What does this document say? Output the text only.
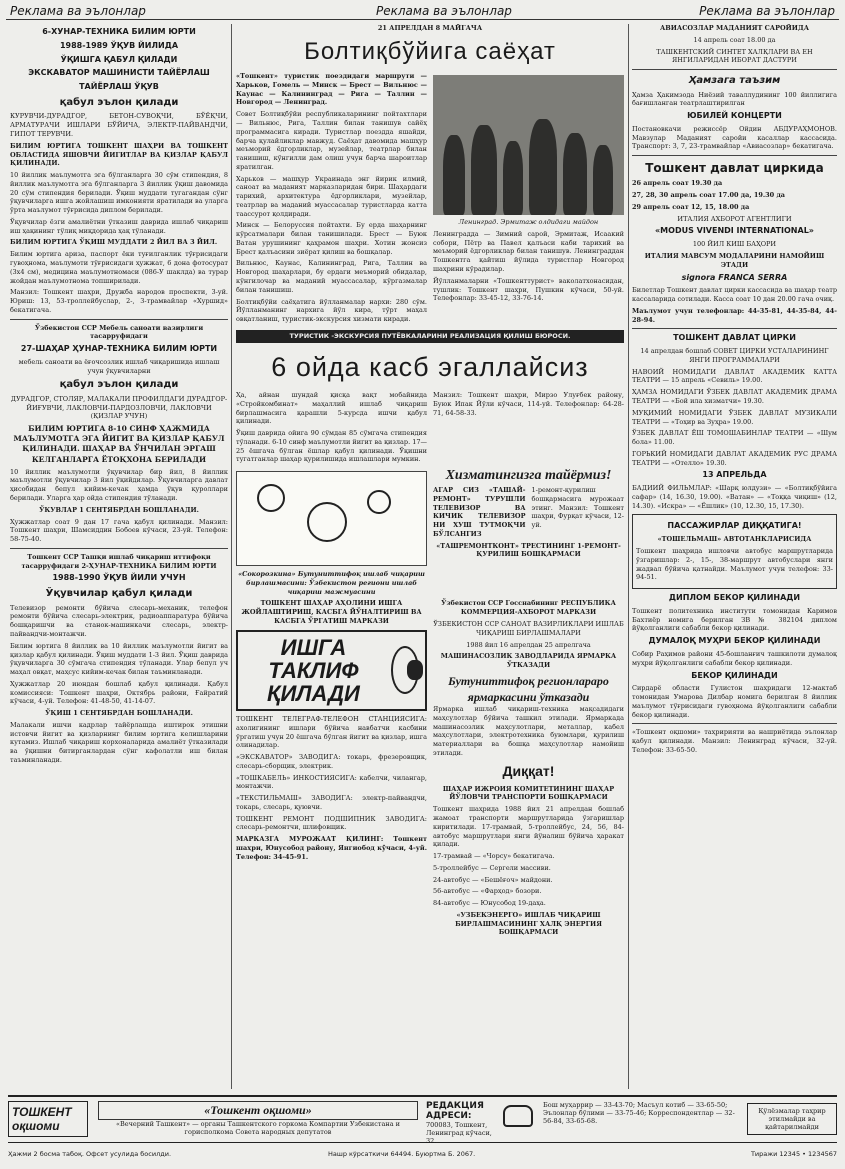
Реклама ва эълонлар	Реклама ва эълонлар	Реклама ва эълонлар
6-ХУНАР-ТЕХНИКА БИЛИМ ЮРТИ
1988-1989 ЎҚУВ ЙИЛИДА
ЎҚИШГА ҚАБУЛ ҚИЛАДИ
ЭКСКАВАТОР МАШИНИСТИ ТАЙЁРЛАШ
ТАЙЁРЛАШ ЎҚУВ
қабул эълон қилади
КУРУВЧИ-ДУРАДГОР, БЕТОН-СУВОҚЧИ, БЎЁҚЧИ, АРМАТУРАЧИ ИШЛАРИ БЎЙИЧА, ЭЛЕКТР-ПАЙВАНДЧИ, ГИПОТ ТЕРУВЧИ.
БИЛИМ ЮРТИГА ТОШКЕНТ ШАҲРИ ВА ТОШКЕНТ ОБЛАСТИДА ЯШОВЧИ ЙИГИТЛАР ВА ҚИЗЛАР ҚАБУЛ ҚИЛИНАДИ.
10 йиллик маълумотга эга бўлганларга 30 сўм стипендия, 8 йиллик маълумотга эга бўлганларга 3 йиллик ўқиш давомида 20 сўм стипендия берилади. Ўқиш муддати тугагандан сўнг ўқувчиларга ишга жойлашиш имконияти яратилади ва уларга ўрта маълумот тўғрисида диплом берилади.
Ўқувчилар ёзги амалиётни ўтказиш даврида ишлаб чиқариш иш ҳақининг тўлиқ миқдорида ҳақ тўланади.
БИЛИМ ЮРТИГА ЎҚИШ МУДДАТИ 2 ЙИЛ ВА 3 ЙИЛ.
Билим юртига ариза, паспорт ёки туғилганлик тўғрисидаги гувоҳнома, маълумоти тўғрисидаги ҳужжат, 6 дона фотосурат (3х4 см), медицина маълумотномаси (086-У шаклда) ва турар жойдан маълумотнома топширилади.
Манзил: Тошкент шаҳри, Дружба народов проспекти, 3-уй. Юриш: 13, 53-троллейбуслар, 2-, 3-трамвайлар «Хуршид» бекатигача.
Ўзбекистон ССР Мебель саноати вазирлиги тасарруфидаги
27-ШАҲАР ҲУНАР-ТЕХНИКА БИЛИМ ЮРТИ
мебель саноати ва ёғочсозлик ишлаб чиқаришида ишлаш учун ўқувчиларни
қабул эълон қилади
ДУРАДГОР, СТОЛЯР, МАЛАКАЛИ ПРОФИЛДАГИ ДУРАДГОР-ЙИҒУВЧИ, ЛАКЛОВЧИ-ПАРДОЗЛОВЧИ, ЛАКЛОВЧИ (ҚИЗЛАР УЧУН)
БИЛИМ ЮРТИГА 8-10 СИНФ ҲАЖМИДА МАЪЛУМОТГА ЭГА ЙИГИТ ВА ҚИЗЛАР ҚАБУЛ ҚИЛИНАДИ. ШАҲАР ВА ЎНЧИЛАН ЭРГАШ КЕЛГАНЛАРГА ЁТОҚХОНА БЕРИЛАДИ
10 йиллик маълумотли ўқувчилар бир йил, 8 йиллик маълумотли ўқувчилар 3 йил ўқийдилар. Ўқувчиларга давлат ҳисобидан бепул кийим-кечак ҳамда ўқув қуроллари берилади. Уларга ҳар ойда стипендия тўланади.
ЎКУВЛАР 1 СЕНТЯБРДАН БОШЛАНАДИ.
Ҳужжатлар соат 9 дан 17 гача қабул қилинади. Манзил: Тошкент шаҳри, Шамсиддин Бобоев кўчаси, 23-уй. Телефон: 58-75-40.
Тошкент ССР Ташқи ишлаб чиқариш иттифоқи тасарруфидаги 2-ҲУНАР-ТЕХНИКА БИЛИМ ЮРТИ
1988-1990 ЎҚУВ ЙИЛИ УЧУН
Ўқувчилар қабул қилади
Телевизор ремонти бўйича слесарь-механик, телефон ремонти бўйича слесарь-электрик, радиоаппаратура бўйича бошқаришчи ва станок-машинкачи слесарь, электр-пайвандчи-монтажчи.
Билим юртига 8 йиллик ва 10 йиллик маълумотли йигит ва қизлар қабул қилинади. Ўқиш муддати 1-3 йил. Ўқиш даврида ўқувчиларга 30 сўмгача стипендия тўланади. Улар бепул уч маҳал овқат, маҳсус кийим-кечак билан таъминланади.
Ҳужжатлар 20 июндан бошлаб қабул қилинади. Қабул комиссияси: Тошкент шаҳри, Октябрь райони, Ғайратий кўчаси, 4-уй. Телефон: 41-48-50, 41-14-07.
ЎҚИШ 1 СЕНТЯБРДАН БОШЛАНАДИ.
Малакали ишчи кадрлар тайёрлашда иштирок этишни истовчи йигит ва қизларнинг билим юртига келишларини кутамиз. Ишлаб чиқариш корхоналарида амалиёт ўтказилади ва ўқишни битирганлардан сўнг кафолатли иш билан таъминланади.
21 АПРЕЛДАН 8 МАЙГАЧА
Болтиқбўйига саёҳат
«Тошкент» туристик поездидаги маршрути — Харьков, Гомель — Минск — Брест — Вильнюс — Каунас — Калининград — Рига — Таллин — Новгород — Ленинград.
Совет Болтиқбўйи республикаларининг пойтахтлари — Вильнюс, Рига, Таллин билан танишув сайёҳ программасига киради. Туристлар поездда яшайди, барча қулайликлар мавжуд. Саёҳат давомида машҳур меъморий ёдгорликлар, музейлар, театрлар билан танишиш, кўнгилли дам олиш учун барча шароитлар яратилган.
Харьков — машҳур Украинада энг йирик илмий, саноат ва маданият марказларидан бири. Шаҳардаги тарихий, архитектура ёдгорликлари, музейлар, театрлар ва маданий муассасалар туристларда катта таассурот қолдиради.
Минск — Белоруссия пойтахти. Бу ерда шаҳарнинг кўрсатмалари билан танишилади. Брест — Буюк Ватан урушининг қаҳрамон шаҳри. Хотин жонсиз Брест қалъасини зиёрат қилиш ва бошқалар.
Вильнюс, Каунас, Калининград, Рига, Таллин ва Новгород шаҳарлари, бу ердаги меъморий обидалар, кўнгилочар ва маданий муассасалар, кўргазмалар билан танишиш.
Болтиқбўйи саёҳатига йўлланмалар нархи: 280 сўм. Йўлланманинг нархига йўл кира, тўрт маҳал овқатланиш, туристик-экскурсия хизмати киради.
Ленинград. Эрмитаж олдидаги майдон
Ленинградда — Зимний сарой, Эрмитаж, Исаакий собори, Пётр ва Павел қалъаси каби тарихий ва меъморий ёдгорликлар билан танишув. Ленинграддан Тошкентга қайтиш йўлида туристлар Новгород шаҳрини кўрадилар.
Йўлланмаларни «Тошкенттурист» ваколатхонасидан, тушлик: Тошкент шаҳри, Пушкин кўчаси, 50-уй. Телефонлар: 33-45-12, 33-76-14.
ТУРИСТИК -ЭКСКУРСИЯ ПУТЁВКАЛАРИНИ РЕАЛИЗАЦИЯ ҚИЛИШ БЮРОСИ.
6 ойда касб эгаллайсиз
Ҳа, айнан шундай қисқа вақт мобайнида «Стройкомбинат» маҳаллий ишлаб чиқариш бирлашмасига қарашли 5-курсда ишчи қабул қилинади.
Ўқиш даврида ойига 90 сўмдан 85 сўмгача стипендия тўланади. 6-10 синф маълумотли йигит ва қизлар. 17—25 ёшгача бўлган ёшлар қабул қилинади. Ўқишни тугатганлар шаҳар қурилишида ишлашлари мумкин.
Манзил: Тошкент шаҳри, Мирзо Улуғбек району, Буюк Ипак Йўли кўчаси, 114-уй. Телефонлар: 64-28-71, 64-58-33.
«Сокорозкина» Бутуниттифоқ ишлаб чиқариш бирлашмасини: Ўзбекистон региони ишлаб чиқариш мажмуасини
Хизматингизга тайёрмиз!
АГАР СИЗ «ТАШАЙ-РЕМОНТ» ТУРУШЛИ ТЕЛЕВИЗОР ВА КИЧИК ТЕЛЕВИЗОР НИ ХУШ ТУТМОҚЧИ БЎЛСАНГИЗ
1-ремонт-қурилиш бошқармасига мурожаат этинг. Манзил: Тошкент шаҳри, Фурқат кўчаси, 12-уй.
«ТАШРЕМОНТКОНТ» ТРЕСТИНИНГ 1-РЕМОНТ-ҚУРИЛИШ БОШҚАРМАСИ
ТОШКЕНТ ШАҲАР АҲОЛИНИ ИШГА ЖОЙЛАШТИРИШ, КАСБГА ЙЎНАЛТИРИШ ВА КАСБГА ЎРГАТИШ МАРКАЗИ
ИШГА ТАКЛИФ ҚИЛАДИ
ТОШКЕНТ ТЕЛЕГРАФ-ТЕЛЕФОН СТАНЦИЯСИГА: ахолигининг ишлари бўйича навбатчи касбини ўргатиш учун 20 ёшгача бўлган йигит ва қизлар, ишга олинадилар.
«ЭКСКАВАТОР» ЗАВОДИГА: токарь, фрезеровщик, слесарь-сборщик, электрик.
«ТОШКАБЕЛЬ» ИНКОСТИЯСИГА: кабелчи, чилангар, монтажчи.
«ТЕКСТИЛЬМАШ» ЗАВОДИГА: электр-пайвандчи, токарь, слесарь, қуювчи.
ТОШКЕНТ РЕМОНТ ПОДШИПНИК ЗАВОДИГА: слесарь-ремонтчи, шлифовщик.
МАРКАЗГА МУРОЖААТ ҚИЛИНГ: Тошкент шаҳри, Юнусобод району, Янгиобод кўчаси, 4-уй. Телефон: 34-45-91.
Ўзбекистон ССР Госснабининг РЕСПУБЛИКА КОММЕРЦИЯ-АХБОРОТ МАРКАЗИ
ЎЗБЕКИСТОН ССР САНОАТ ВАЗИРЛИКЛАРИ ИШЛАБ ЧИҚАРИШ БИРЛАШМАЛАРИ
1988 йил 16 апрелдан 25 апрелгача
МАШИНАСОЗЛИК ЗАВОДЛАРИДА ЯРМАРКА ЎТКАЗАДИ
Бутуниттифоқ регионлараро ярмаркасини ўтказади
Ярмарка ишлаб чиқариш-техника мақсадидаги маҳсулотлар бўйича ташкил этилади. Ярмаркада машинасозлик маҳсулотлари, металлар, кабел маҳсулотлари, электротехника буюмлари, қурилиш материаллари ва бошқа маҳсулотлар намойиш этилади.
Диққат!
ШАҲАР ИЖРОИЯ КОМИТЕТИНИНГ ШАҲАР ЙЎЛОВЧИ ТРАНСПОРТИ БОШҚАРМАСИ
Тошкент шаҳрида 1988 йил 21 апрелдан бошлаб жамоат транспорти маршрутларида ўзгаришлар киритилади. 17-трамвай, 5-троллейбус, 24, 56, 84-автобус маршрутлари янги йўналиш бўйича ҳаракат қилади.
17-трамвай — «Чорсу» бекатигача.
5-троллейбус — Сергели массиви.
24-автобус — «Бешёғоч» майдони.
56-автобус — «Фарҳод» бозори.
84-автобус — Юнусобод 19-даҳа.
«УЗБЕКЭНЕРГО» ИШЛАБ ЧИҚАРИШ БИРЛАШМАСИНИНГ ХАЛҚ ЭНЕРГИЯ БОШҚАРМАСИ
АВИАСОЗЛАР МАДАНИЯТ САРОЙИДА
14 апрель соат 18.00 да
ТАШКЕНТСКИЙ СИНТЕТ ХАЛҚЛАРИ ВА ЕН ЯНГИЛАРИДАН ИБОРАТ ДАСТУРИ
Ҳамзага таъзим
Ҳамза Ҳакимзода Ниёзий таваллудининг 100 йиллигига бағишланган театрлаштирилган
ЮБИЛЕЙ КОНЦЕРТИ
Постановкачи режиссёр Ойдин АБДУРАҲМОНОВ. Мавзулар Маданият саройи касаллар кассасида. Транспорт: 3, 7, 23-трамвайлар «Авиасозлар» бекатигача.
Тошкент давлат циркида
26 апрель соат 19.30 да
27, 28, 30 апрель соат 17.00 да, 19.30 да
29 апрель соат 12, 15, 18.00 да
ИТАЛИЯ АХБОРОТ АГЕНТЛИГИ
«MODUS VIVENDI INTERNATIONAL»
100 ЙИЛ КИШ БАҲОРИ
ИТАЛИЯ МАВСУМ МОДАЛАРИНИ НАМОЙИШ ЭТАДИ
signora FRANCA SERRA
Билетлар Тошкент давлат цирки кассасида ва шаҳар театр кассаларида сотилади. Касса соат 10 дан 20.00 гача очиқ.
Маълумот учун телефонлар: 44-35-81, 44-35-84, 44-28-94.
ТОШКЕНТ ДАВЛАТ ЦИРКИ
14 апрелдан бошлаб СОВЕТ ЦИРКИ УСТАЛАРИНИНГ ЯНГИ ПРОГРАММАЛАРИ
НАВОИЙ НОМИДАГИ ДАВЛАТ АКАДЕМИК КАТТА ТЕАТРИ — 15 апрель «Севиль» 19.00.
ҲАМЗА НОМИДАГИ ЎЗБЕК ДАВЛАТ АКАДЕМИК ДРАМА ТЕАТРИ — «Бой ила хизматчи» 19.30.
МУҚИМИЙ НОМИДАГИ ЎЗБЕК ДАВЛАТ МУЗИКАЛИ ТЕАТРИ — «Тоҳир ва Зуҳра» 19.00.
ЎЗБЕК ДАВЛАТ ЁШ ТОМОШАБИНЛАР ТЕАТРИ — «Шум бола» 11.00.
ГОРЬКИЙ НОМИДАГИ ДАВЛАТ АКАДЕМИК РУС ДРАМА ТЕАТРИ — «Отелло» 19.30.
13 АПРЕЛЬДА
БАДИИЙ ФИЛЬМЛАР: «Шарқ юлдузи» — «Болтиқбўйига сафар» (14, 16.30, 19.00). «Ватан» — «Тоққа чиқиш» (12, 14.30). «Искра» — «Ёшлик» (10, 12.30, 15, 17.30).
ПАССАЖИРЛАР ДИҚҚАТИГА!
«ТОШЕЛЬМАШ» АВТОТАНКЛАРИСИДА
Тошкент шаҳрида ишловчи автобус маршрутларида ўзгаришлар: 2-, 15-, 38-маршрут автобуслари янги жадвал бўйича қатнайди. Маълумот учун телефон: 33-94-51.
ДИПЛОМ БЕКОР ҚИЛИНАДИ
Тошкент политехника институти томонидан Каримов Бахтиёр номига берилган ЗВ № 382104 диплом йўқолганлиги сабабли бекор қилинади.
ДУМАЛОҚ МУҲРИ БЕКОР ҚИЛИНАДИ
Собир Раҳимов райони 45-бошланғич ташкилоти думалоқ муҳри йўқолганлиги сабабли бекор қилинади.
БЕКОР ҚИЛИНАДИ
Сирдарё области Гулистон шаҳридаги 12-мактаб томонидан Умарова Дилбар номига берилган 8 йиллик маълумот тўғрисидаги гувоҳнома йўқолганлиги сабабли бекор қилинади.
«Тошкент оқшоми» таҳририяти ва нашриётида эълонлар қабул қилинади. Манзил: Ленинград кўчаси, 32-уй. Телефон: 33-65-50.
ТОШКЕНТ оқшоми
«Тошкент оқшоми»
«Вечерний Ташкент» — органы Ташкентского горкома Компартии Узбекистана и горисполкома Совета народных депутатов
РЕДАКЦИЯ АДРЕСИ:
700083, Тошкент, Ленинград кўчаси, 32.
Бош муҳаррир — 33-43-70; Масъул котиб — 33-65-50; Эълонлар бўлими — 33-75-46; Корреспондентлар — 32-56-84, 33-65-68.
Қўлёзмалар таҳрир этилмайди ва қайтарилмайди
Ҳажми 2 босма табоқ. Офсет усулида босилди.	Нашр кўрсаткичи 64494. Буюртма Б. 2067.	Тиражи 12345 • 1234567
